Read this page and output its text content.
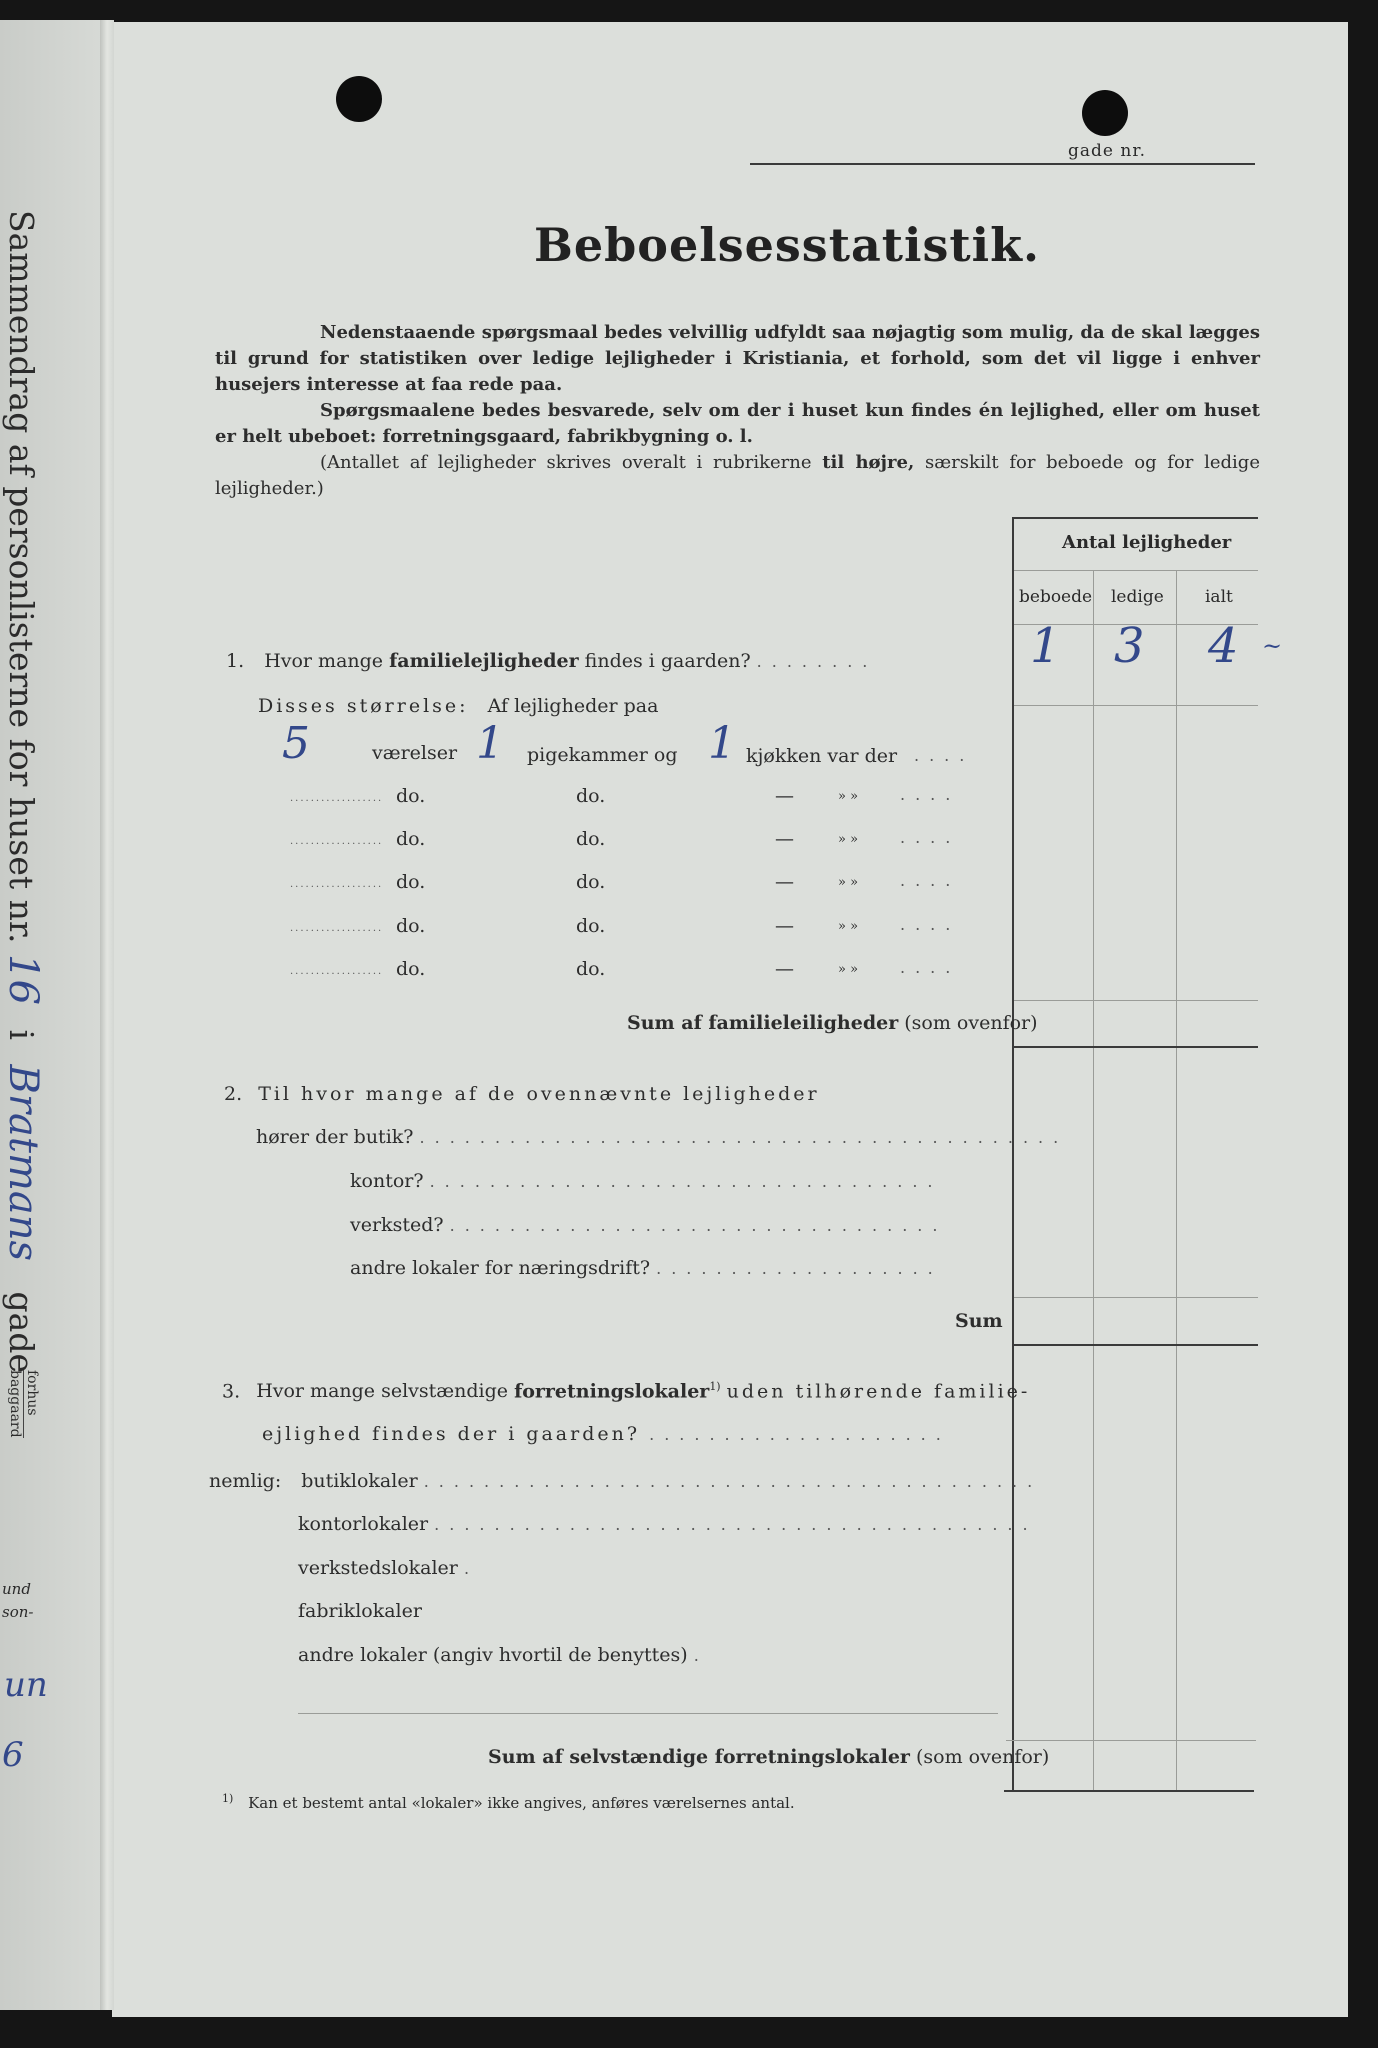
Sammendrag af personlisterne for huset nr. 16 i Bratmans gade
forhus
baggaard
und
son-
un
6
gade nr.
Beboelsesstatistik.
Nedenstaaende spørgsmaal bedes velvillig udfyldt saa nøjagtig som mulig, da de skal lægges til grund for statistiken over ledige lejligheder i Kristiania, et forhold, som det vil ligge i enhver husejers interesse at faa rede paa.
Spørgsmaalene bedes besvarede, selv om der i huset kun findes én lejlighed, eller om huset er helt ubeboet: forretningsgaard, fabrikbygning o. l.
(Antallet af lejligheder skrives overalt i rubrikerne til højre, særskilt for beboede og for ledige lejligheder.)
Antal lejligheder
beboede ledige ialt
1 3 4 ~
1. Hvor mange familielejligheder findes i gaarden? ........
Disses størrelse: Af lejligheder paa
5	værelser 1 pigekammer og 1 kjøkken var der ....
.................. do.	do.	—	» »	....
.................. do.	do.	—	» »	....
.................. do.	do.	—	» »	....
.................. do.	do.	—	» »	....
.................. do.	do.	—	» »	....
Sum af familieleiligheder (som ovenfor)
2. Til hvor mange af de ovennævnte lejligheder
hører der butik? ...........................................
kontor? ..................................
verksted? .................................
andre lokaler for næringsdrift? ...................
Sum
3. Hvor mange selvstændige forretningslokaler$^{1)}$ uden tilhørende familie-
ejlighed findes der i gaarden? ....................
nemlig: butiklokaler .........................................
kontorlokaler ........................................
verkstedslokaler .
fabriklokaler
andre lokaler (angiv hvortil de benyttes) .
Sum af selvstændige forretningslokaler (som ovenfor)
$^{1)}$ Kan et bestemt antal «lokaler» ikke angives, anføres værelsernes antal.
